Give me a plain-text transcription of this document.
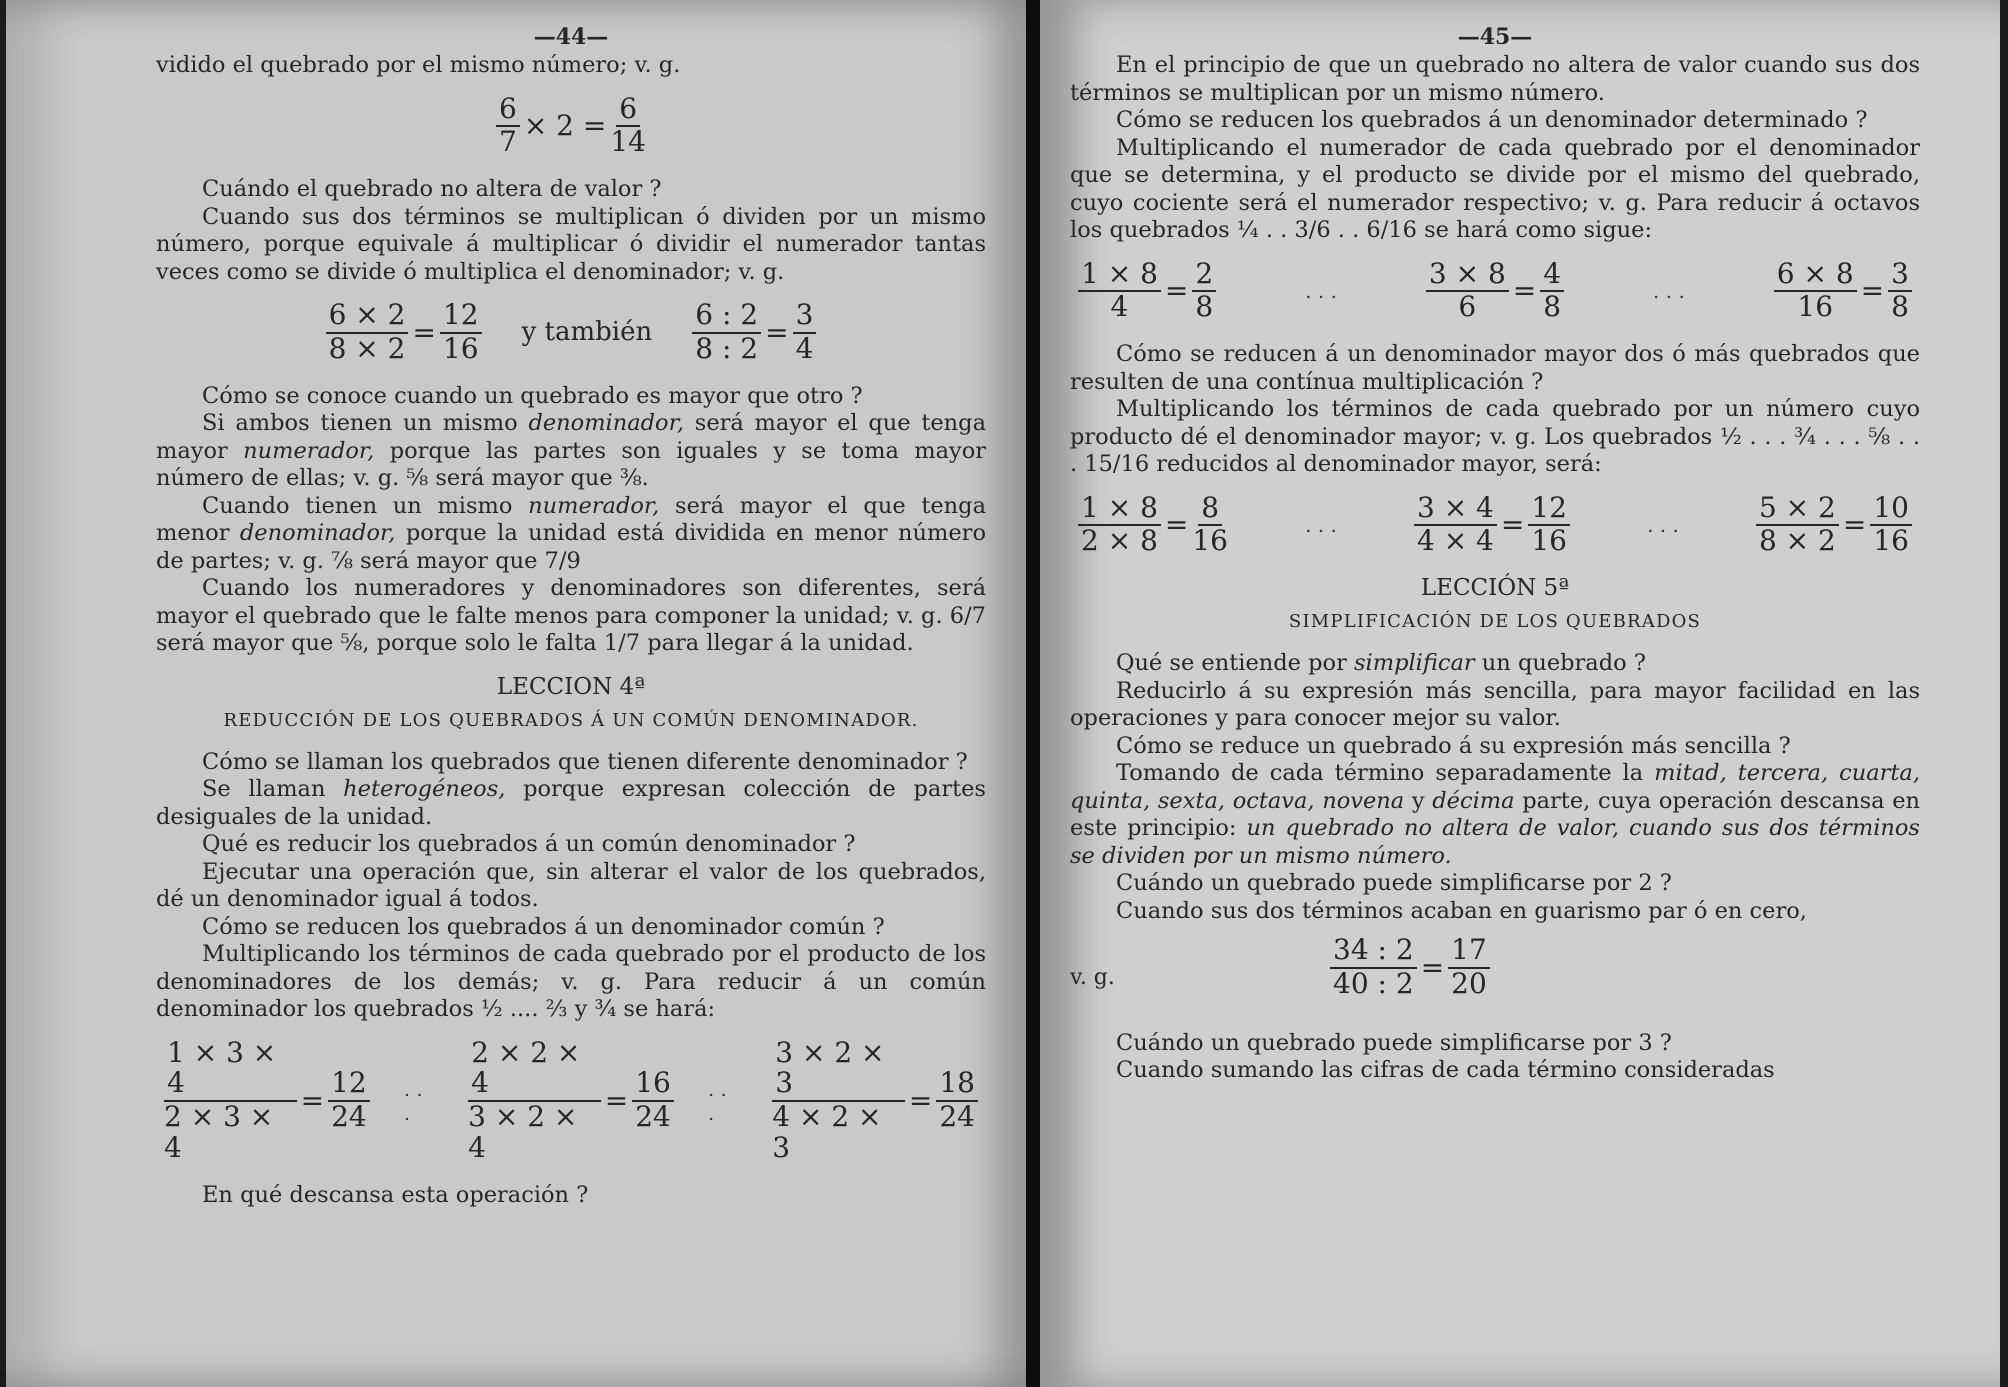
—44—

vidido el quebrado por el mismo número; v. g.

$\frac{6}{7} \times 2 = \frac{6}{14}$

Cuándo el quebrado no altera de valor ?

Cuando sus dos términos se multiplican ó dividen por un mismo número, porque equivale á multiplicar ó dividir el numerador tantas veces como se divide ó multiplica el denominador; v. g.

$\frac{6 \times 2}{8 \times 2} = \frac{12}{16}$ y también $\frac{6 : 2}{8 : 2} = \frac{3}{4}$

Cómo se conoce cuando un quebrado es mayor que otro ?

Si ambos tienen un mismo denominador, será mayor el que tenga mayor numerador, porque las partes son iguales y se toma mayor número de ellas; v. g. ⅝ será mayor que ⅜.

Cuando tienen un mismo numerador, será mayor el que tenga menor denominador, porque la unidad está dividida en menor número de partes; v. g. ⅞ será mayor que 7/9

Cuando los numeradores y denominadores son diferentes, será mayor el quebrado que le falte menos para componer la unidad; v. g. 6/7 será mayor que ⅝, porque solo le falta 1/7 para llegar á la unidad.

LECCION 4ª
REDUCCIÓN DE LOS QUEBRADOS Á UN COMÚN DENOMINADOR.

Cómo se llaman los quebrados que tienen diferente denominador ?

Se llaman heterogéneos, porque expresan colección de partes desiguales de la unidad.

Qué es reducir los quebrados á un común denominador ?

Ejecutar una operación que, sin alterar el valor de los quebrados, dé un denominador igual á todos.

Cómo se reducen los quebrados á un denominador común ?

Multiplicando los términos de cada quebrado por el producto de los denominadores de los demás; v. g. Para reducir á un común denominador los quebrados ½ .... ⅔ y ¾ se hará:

$\frac{1 \times 3 \times 4}{2 \times 3 \times 4} = \frac{12}{24}$ . . .	$\frac{2 \times 2 \times 4}{3 \times 2 \times 4} = \frac{16}{24}$ . . .	$\frac{3 \times 2 \times 3}{4 \times 2 \times 3} = \frac{18}{24}$

En qué descansa esta operación ?

—45—

En el principio de que un quebrado no altera de valor cuando sus dos términos se multiplican por un mismo número.

Cómo se reducen los quebrados á un denominador determinado ?

Multiplicando el numerador de cada quebrado por el denominador que se determina, y el producto se divide por el mismo del quebrado, cuyo cociente será el numerador respectivo; v. g. Para reducir á octavos los quebrados ¼ . . 3/6 . . 6/16 se hará como sigue:

$\frac{1 \times 8}{4} = \frac{2}{8}$	. . .	$\frac{3 \times 8}{6} = \frac{4}{8}$	. . .	$\frac{6 \times 8}{16} = \frac{3}{8}$

Cómo se reducen á un denominador mayor dos ó más quebrados que resulten de una contínua multiplicación ?

Multiplicando los términos de cada quebrado por un número cuyo producto dé el denominador mayor; v. g. Los quebrados ½ . . . ¾ . . . ⅝ . . . 15/16 reducidos al denominador mayor, será:

$\frac{1 \times 8}{2 \times 8} = \frac{8}{16}$	. . .	$\frac{3 \times 4}{4 \times 4} = \frac{12}{16}$	. . .	$\frac{5 \times 2}{8 \times 2} = \frac{10}{16}$
LECCIÓN 5ª
SIMPLIFICACIÓN DE LOS QUEBRADOS

Qué se entiende por simplificar un quebrado ?

Reducirlo á su expresión más sencilla, para mayor facilidad en las operaciones y para conocer mejor su valor.

Cómo se reduce un quebrado á su expresión más sencilla ?

Tomando de cada término separadamente la mitad, tercera, cuarta, quinta, sexta, octava, novena y décima parte, cuya operación descansa en este principio: un quebrado no altera de valor, cuando sus dos términos se dividen por un mismo número.

Cuándo un quebrado puede simplificarse por 2 ?

Cuando sus dos términos acaban en guarismo par ó en cero,

v. g.	$\frac{34 : 2}{40 : 2} = \frac{17}{20}$

Cuándo un quebrado puede simplificarse por 3 ?

Cuando sumando las cifras de cada término consideradas
